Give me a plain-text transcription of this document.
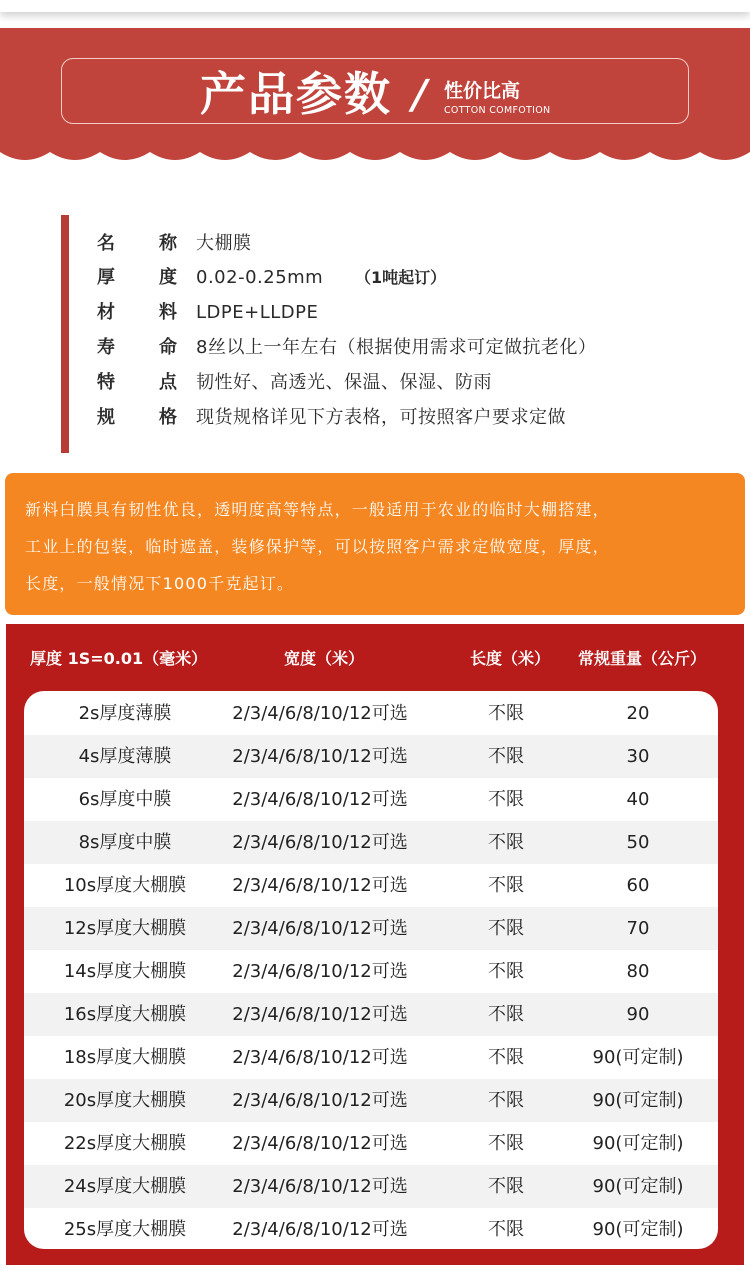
产品参数 / 性价比高
COTTON COMFOTION
名 称 大棚膜
厚 度 0.02-0.25mm （1吨起订）
材 料 LDPE+LLDPE
寿 命 8丝以上一年左右（根据使用需求可定做抗老化）
特 点 韧性好、高透光、保温、保湿、防雨
规 格 现货规格详见下方表格，可按照客户要求定做
新料白膜具有韧性优良，透明度高等特点，一般适用于农业的临时大棚搭建，
工业上的包装，临时遮盖，装修保护等，可以按照客户需求定做宽度，厚度，
长度，一般情况下1000千克起订。
厚度 1S=0.01（毫米）	宽度（米）	长度（米）	常规重量（公斤）
2s厚度薄膜	2/3/4/6/8/10/12可选	不限	20
4s厚度薄膜	2/3/4/6/8/10/12可选	不限	30
6s厚度中膜	2/3/4/6/8/10/12可选	不限	40
8s厚度中膜	2/3/4/6/8/10/12可选	不限	50
10s厚度大棚膜	2/3/4/6/8/10/12可选	不限	60
12s厚度大棚膜	2/3/4/6/8/10/12可选	不限	70
14s厚度大棚膜	2/3/4/6/8/10/12可选	不限	80
16s厚度大棚膜	2/3/4/6/8/10/12可选	不限	90
18s厚度大棚膜	2/3/4/6/8/10/12可选	不限	90(可定制)
20s厚度大棚膜	2/3/4/6/8/10/12可选	不限	90(可定制)
22s厚度大棚膜	2/3/4/6/8/10/12可选	不限	90(可定制)
24s厚度大棚膜	2/3/4/6/8/10/12可选	不限	90(可定制)
25s厚度大棚膜	2/3/4/6/8/10/12可选	不限	90(可定制)
